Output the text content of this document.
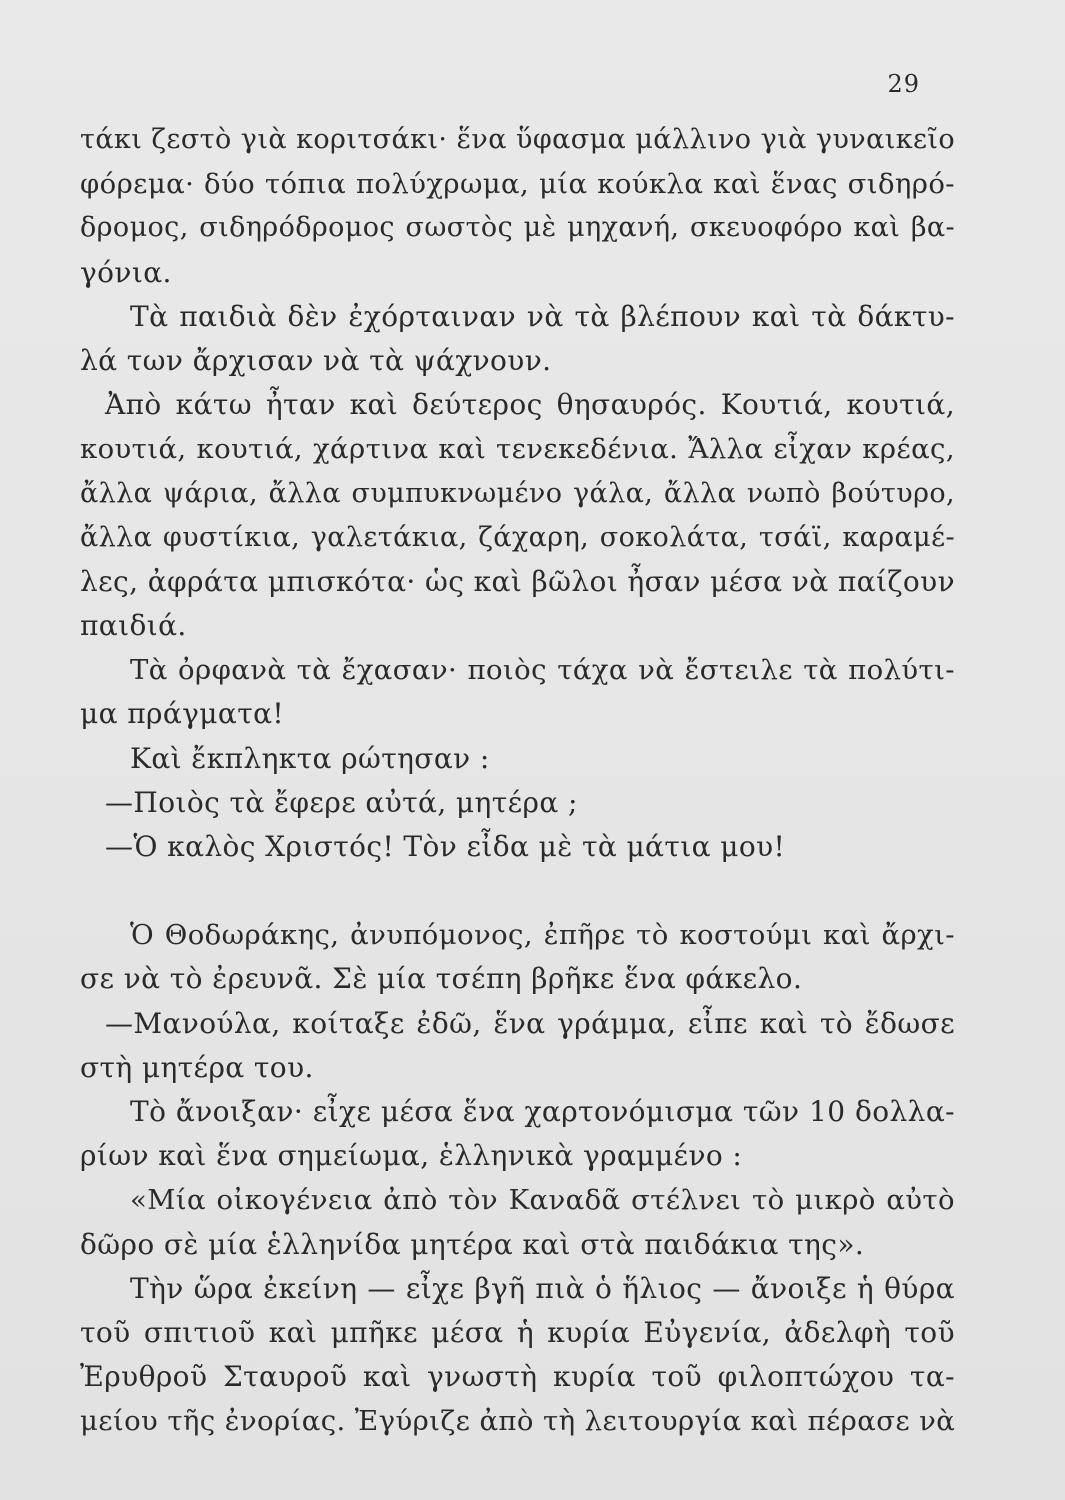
29
τάκι ζεστὸ γιὰ κοριτσάκι· ἕνα ὕφασμα μάλλινο γιὰ γυναικεῖο
φόρεμα· δύο τόπια πολύχρωμα, μία κούκλα καὶ ἕνας σιδηρό-
δρομος, σιδηρόδρομος σωστὸς μὲ μηχανή, σκευοφόρο καὶ βα-
γόνια.
Τὰ παιδιὰ δὲν ἐχόρταιναν νὰ τὰ βλέπουν καὶ τὰ δάκτυ-
λά των ἄρχισαν νὰ τὰ ψάχνουν.
Ἀπὸ κάτω ἦταν καὶ δεύτερος θησαυρός. Κουτιά, κουτιά,
κουτιά, κουτιά, χάρτινα καὶ τενεκεδένια. Ἄλλα εἶχαν κρέας,
ἄλλα ψάρια, ἄλλα συμπυκνωμένο γάλα, ἄλλα νωπὸ βούτυρο,
ἄλλα φυστίκια, γαλετάκια, ζάχαρη, σοκολάτα, τσάϊ, καραμέ-
λες, ἀφράτα μπισκότα· ὡς καὶ βῶλοι ἦσαν μέσα νὰ παίζουν
παιδιά.
Τὰ ὀρφανὰ τὰ ἔχασαν· ποιὸς τάχα νὰ ἔστειλε τὰ πολύτι-
μα πράγματα!
Καὶ ἔκπληκτα ρώτησαν :
—Ποιὸς τὰ ἔφερε αὐτά, μητέρα ;
—Ὁ καλὸς Χριστός! Τὸν εἶδα μὲ τὰ μάτια μου!
Ὁ Θοδωράκης, ἀνυπόμονος, ἐπῆρε τὸ κοστούμι καὶ ἄρχι-
σε νὰ τὸ ἐρευνᾶ. Σὲ μία τσέπη βρῆκε ἕνα φάκελο.
—Μανούλα, κοίταξε ἐδῶ, ἕνα γράμμα, εἶπε καὶ τὸ ἔδωσε
στὴ μητέρα του.
Τὸ ἄνοιξαν· εἶχε μέσα ἕνα χαρτονόμισμα τῶν 10 δολλα-
ρίων καὶ ἕνα σημείωμα, ἑλληνικὰ γραμμένο :
«Μία οἰκογένεια ἀπὸ τὸν Καναδᾶ στέλνει τὸ μικρὸ αὐτὸ
δῶρο σὲ μία ἑλληνίδα μητέρα καὶ στὰ παιδάκια της».
Τὴν ὥρα ἐκείνη — εἶχε βγῆ πιὰ ὁ ἥλιος — ἄνοιξε ἡ θύρα
τοῦ σπιτιοῦ καὶ μπῆκε μέσα ἡ κυρία Εὐγενία, ἀδελφὴ τοῦ
Ἐρυθροῦ Σταυροῦ καὶ γνωστὴ κυρία τοῦ φιλοπτώχου τα-
μείου τῆς ἐνορίας. Ἐγύριζε ἀπὸ τὴ λειτουργία καὶ πέρασε νὰ
